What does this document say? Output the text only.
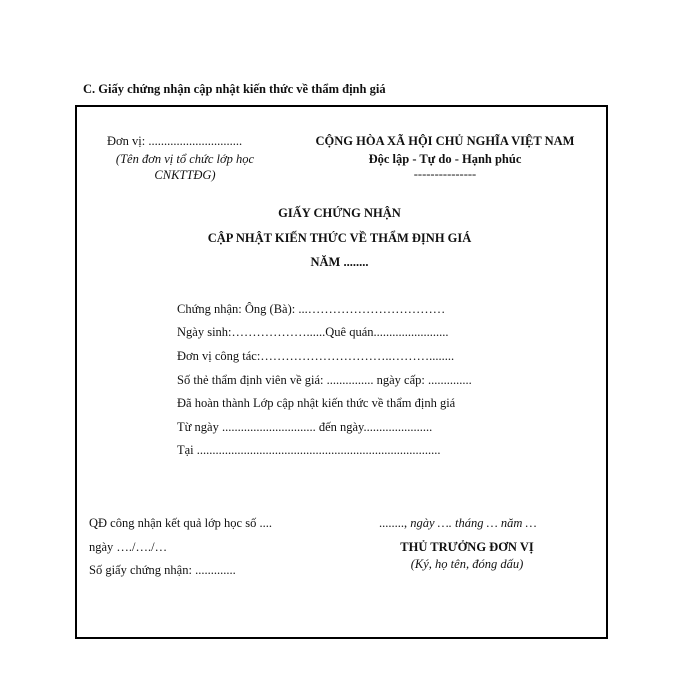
C. Giấy chứng nhận cập nhật kiến thức về thẩm định giá
Đơn vị: ..............................
(Tên đơn vị tổ chức lớp học
CNKTTĐG)
CỘNG HÒA XÃ HỘI CHỦ NGHĨA VIỆT NAM
Độc lập - Tự do - Hạnh phúc
---------------
GIẤY CHỨNG NHẬN
CẬP NHẬT KIẾN THỨC VỀ THẨM ĐỊNH GIÁ
NĂM ........
Chứng nhận: Ông (Bà): ...……………………………
Ngày sinh:………………......Quê quán........................
Đơn vị công tác:…………………………..………........
Số thẻ thẩm định viên về giá: ............... ngày cấp: ..............
Đã hoàn thành Lớp cập nhật kiến thức về thẩm định giá
Từ ngày .............................. đến ngày......................
Tại ..............................................................................
QĐ công nhận kết quả lớp học số ....
ngày …./…./…
Số giấy chứng nhận: .............
........, ngày …. tháng … năm …
THỦ TRƯỞNG ĐƠN VỊ
(Ký, họ tên, đóng dấu)
